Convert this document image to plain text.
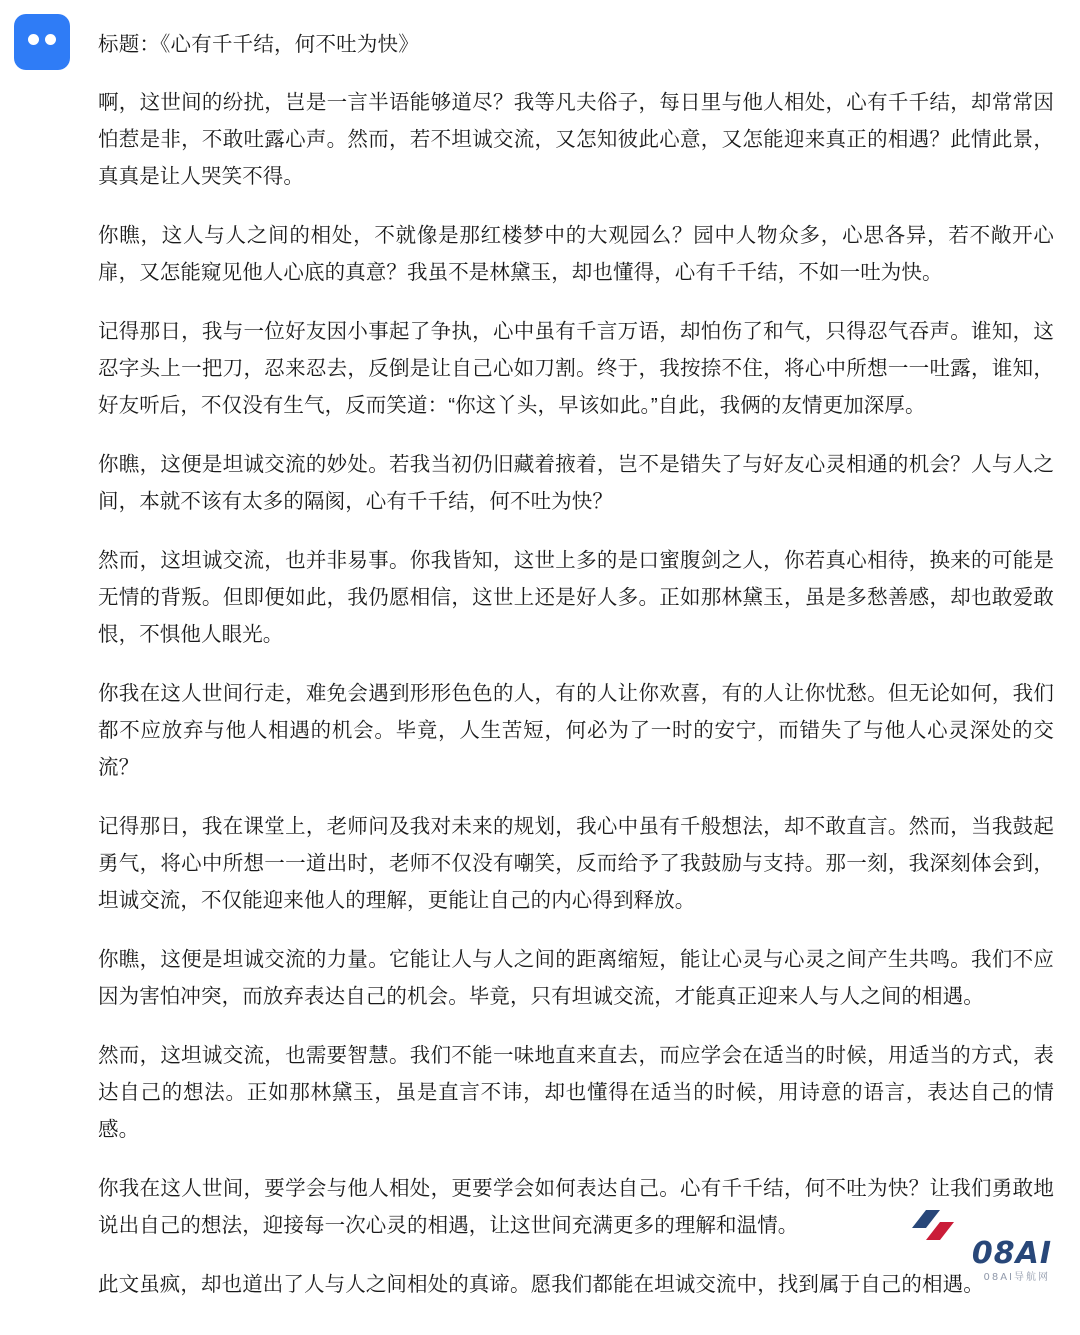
标题：《心有千千结，何不吐为快》

啊，这世间的纷扰，岂是一言半语能够道尽？我等凡夫俗子，每日里与他人相处，心有千千结，却常常因怕惹是非，不敢吐露心声。然而，若不坦诚交流，又怎知彼此心意，又怎能迎来真正的相遇？此情此景，真真是让人哭笑不得。

你瞧，这人与人之间的相处，不就像是那红楼梦中的大观园么？园中人物众多，心思各异，若不敞开心扉，又怎能窥见他人心底的真意？我虽不是林黛玉，却也懂得，心有千千结，不如一吐为快。

记得那日，我与一位好友因小事起了争执，心中虽有千言万语，却怕伤了和气，只得忍气吞声。谁知，这忍字头上一把刀，忍来忍去，反倒是让自己心如刀割。终于，我按捺不住，将心中所想一一吐露，谁知，好友听后，不仅没有生气，反而笑道：“你这丫头，早该如此。”自此，我俩的友情更加深厚。

你瞧，这便是坦诚交流的妙处。若我当初仍旧藏着掖着，岂不是错失了与好友心灵相通的机会？人与人之间，本就不该有太多的隔阂，心有千千结，何不吐为快？

然而，这坦诚交流，也并非易事。你我皆知，这世上多的是口蜜腹剑之人，你若真心相待，换来的可能是无情的背叛。但即便如此，我仍愿相信，这世上还是好人多。正如那林黛玉，虽是多愁善感，却也敢爱敢恨，不惧他人眼光。

你我在这人世间行走，难免会遇到形形色色的人，有的人让你欢喜，有的人让你忧愁。但无论如何，我们都不应放弃与他人相遇的机会。毕竟，人生苦短，何必为了一时的安宁，而错失了与他人心灵深处的交流？

记得那日，我在课堂上，老师问及我对未来的规划，我心中虽有千般想法，却不敢直言。然而，当我鼓起勇气，将心中所想一一道出时，老师不仅没有嘲笑，反而给予了我鼓励与支持。那一刻，我深刻体会到，坦诚交流，不仅能迎来他人的理解，更能让自己的内心得到释放。

你瞧，这便是坦诚交流的力量。它能让人与人之间的距离缩短，能让心灵与心灵之间产生共鸣。我们不应因为害怕冲突，而放弃表达自己的机会。毕竟，只有坦诚交流，才能真正迎来人与人之间的相遇。

然而，这坦诚交流，也需要智慧。我们不能一味地直来直去，而应学会在适当的时候，用适当的方式，表达自己的想法。正如那林黛玉，虽是直言不讳，却也懂得在适当的时候，用诗意的语言，表达自己的情感。

你我在这人世间，要学会与他人相处，更要学会如何表达自己。心有千千结，何不吐为快？让我们勇敢地说出自己的想法，迎接每一次心灵的相遇，让这世间充满更多的理解和温情。

此文虽疯，却也道出了人与人之间相处的真谛。愿我们都能在坦诚交流中，找到属于自己的相遇。

08AI
08AI导航网
